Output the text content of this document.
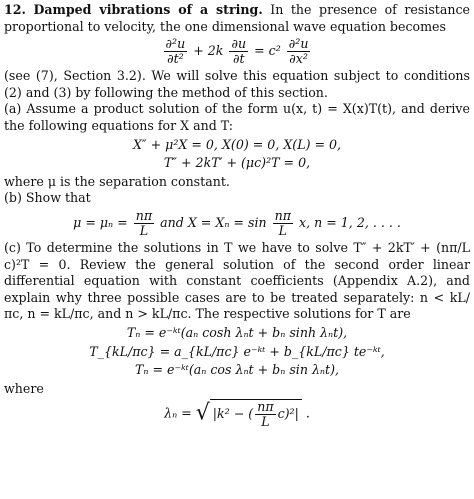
12. Damped vibrations of a string. In the presence of resistance proportional to velocity, the one dimensional wave equation becomes

$\frac{\text{∂²u}}{\text{∂t²}} + 2k \frac{\partial u}{\partial t} = c^2 \frac{\text{∂²u}}{\text{∂x²}}$

(see (7), Section 3.2). We will solve this equation subject to conditions (2) and (3) by following the method of this section.

(a) Assume a product solution of the form u(x, t) = X(x)T(t), and derive the following equations for X and T:

X″ + μ²X = 0, X(0) = 0, X(L) = 0,
T″ + 2kT′ + (μc)²T = 0,

where μ is the separation constant.

(b) Show that

$\mu = \mu_n = \frac{n\pi}{L}$ and $X = X_n = \sin \frac{n\pi}{L} x$, n = 1, 2, . . . .

(c) To determine the solutions in T we have to solve T″ + 2kT′ + (nπ/L c)²T = 0. Review the general solution of the second order linear differential equation with constant coefficients (Appendix A.2), and explain why three possible cases are to be treated separately: n < kL/πc, n = kL/πc, and n > kL/πc. The respective solutions for T are

Tₙ = e⁻ᵏᵗ(aₙ cosh λₙt + bₙ sinh λₙt),
T_{kL/πc} = a_{kL/πc} e⁻ᵏᵗ + b_{kL/πc} te⁻ᵏᵗ,
Tₙ = e⁻ᵏᵗ(aₙ cos λₙt + bₙ sin λₙt),

where

λₙ = √ |k² − ( $\frac{n\pi}{L} c)^2|$ .
